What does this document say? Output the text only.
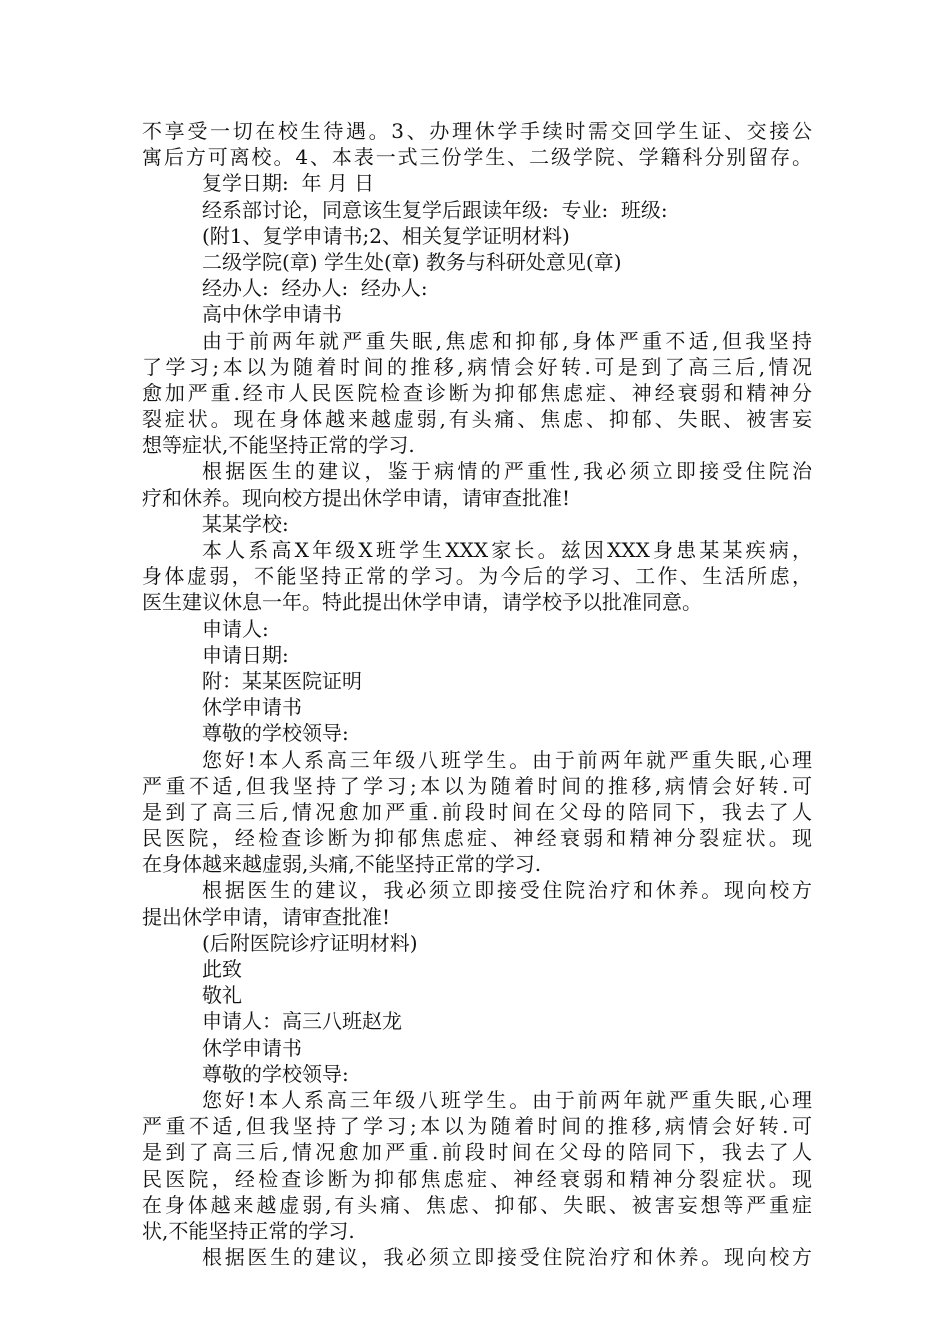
不享受一切在校生待遇。3、办理休学手续时需交回学生证、交接公
寓后方可离校。4、本表一式三份学生、二级学院、学籍科分别留存。
复学日期:  年 月 日
经系部讨论，同意该生复学后跟读年级:  专业:  班级:
(附1、复学申请书;2、相关复学证明材料)
二级学院(章) 学生处(章) 教务与科研处意见(章)
经办人:  经办人:  经办人:
高中休学申请书
由于前两年就严重失眠,焦虑和抑郁,身体严重不适,但我坚持
了学习;本以为随着时间的推移,病情会好转.可是到了高三后,情况
愈加严重.经市人民医院检查诊断为抑郁焦虑症、神经衰弱和精神分
裂症状。现在身体越来越虚弱,有头痛、焦虑、抑郁、失眠、被害妄
想等症状,不能坚持正常的学习.
根据医生的建议，鉴于病情的严重性,我必须立即接受住院治
疗和休养。现向校方提出休学申请，请审查批准!
某某学校:
本人系高X年级X班学生XXX家长。兹因XXX身患某某疾病，
身体虚弱，不能坚持正常的学习。为今后的学习、工作、生活所虑，
医生建议休息一年。特此提出休学申请，请学校予以批准同意。
申请人:
申请日期:
附：某某医院证明
休学申请书
尊敬的学校领导:
您好!本人系高三年级八班学生。由于前两年就严重失眠,心理
严重不适,但我坚持了学习;本以为随着时间的推移,病情会好转.可
是到了高三后,情况愈加严重.前段时间在父母的陪同下，我去了人
民医院，经检查诊断为抑郁焦虑症、神经衰弱和精神分裂症状。现
在身体越来越虚弱,头痛,不能坚持正常的学习.
根据医生的建议，我必须立即接受住院治疗和休养。现向校方
提出休学申请，请审查批准!
(后附医院诊疗证明材料)
此致
敬礼
申请人：高三八班赵龙
休学申请书
尊敬的学校领导:
您好!本人系高三年级八班学生。由于前两年就严重失眠,心理
严重不适,但我坚持了学习;本以为随着时间的推移,病情会好转.可
是到了高三后,情况愈加严重.前段时间在父母的陪同下，我去了人
民医院，经检查诊断为抑郁焦虑症、神经衰弱和精神分裂症状。现
在身体越来越虚弱,有头痛、焦虑、抑郁、失眠、被害妄想等严重症
状,不能坚持正常的学习.
根据医生的建议，我必须立即接受住院治疗和休养。现向校方
